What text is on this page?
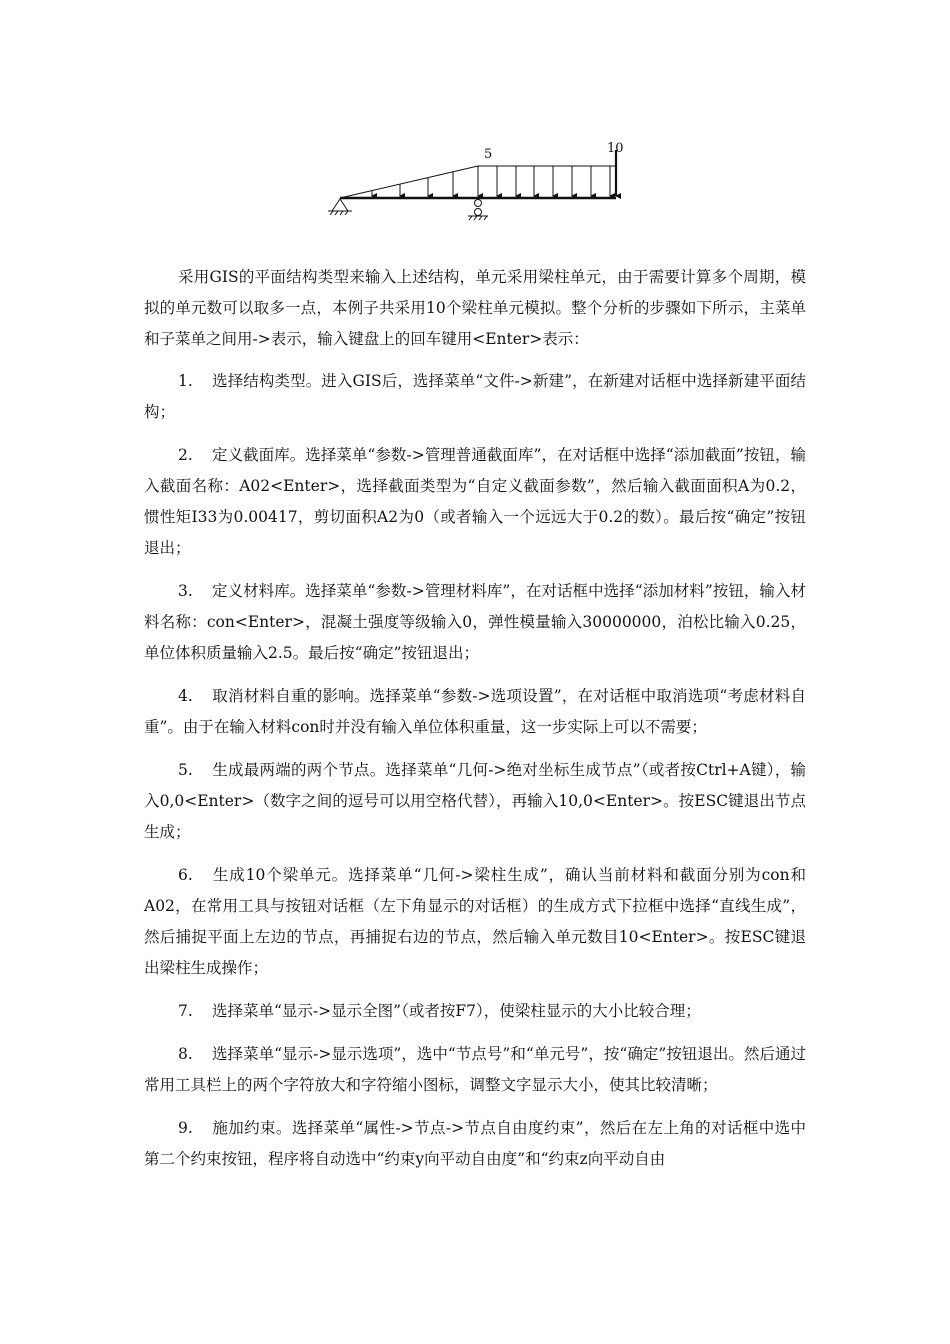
5	10

采用GIS的平面结构类型来输入上述结构，单元采用梁柱单元，由于需要计算多个周期，模拟的单元数可以取多一点，本例子共采用10个梁柱单元模拟。整个分析的步骤如下所示，主菜单和子菜单之间用->表示，输入键盘上的回车键用<Enter>表示：

1. 选择结构类型。进入GIS后，选择菜单“文件->新建”，在新建对话框中选择新建平面结构；

2. 定义截面库。选择菜单“参数->管理普通截面库”，在对话框中选择“添加截面”按钮，输入截面名称：A02<Enter>，选择截面类型为“自定义截面参数”，然后输入截面面积A为0.2，惯性矩I33为0.00417，剪切面积A2为0（或者输入一个远远大于0.2的数）。最后按“确定”按钮退出；

3. 定义材料库。选择菜单“参数->管理材料库”，在对话框中选择“添加材料”按钮，输入材料名称：con<Enter>，混凝土强度等级输入0，弹性模量输入30000000，泊松比输入0.25，单位体积质量输入2.5。最后按“确定”按钮退出；

4. 取消材料自重的影响。选择菜单“参数->选项设置”，在对话框中取消选项“考虑材料自重”。由于在输入材料con时并没有输入单位体积重量，这一步实际上可以不需要；

5. 生成最两端的两个节点。选择菜单“几何->绝对坐标生成节点”（或者按Ctrl+A键），输入0,0<Enter>（数字之间的逗号可以用空格代替），再输入10,0<Enter>。按ESC键退出节点生成；

6. 生成10个梁单元。选择菜单“几何->梁柱生成”，确认当前材料和截面分别为con和A02，在常用工具与按钮对话框（左下角显示的对话框）的生成方式下拉框中选择“直线生成”，然后捕捉平面上左边的节点，再捕捉右边的节点，然后输入单元数目10<Enter>。按ESC键退出梁柱生成操作；

7. 选择菜单“显示->显示全图”（或者按F7），使梁柱显示的大小比较合理；

8. 选择菜单“显示->显示选项”，选中“节点号”和“单元号”，按“确定”按钮退出。然后通过常用工具栏上的两个字符放大和字符缩小图标，调整文字显示大小，使其比较清晰；

9. 施加约束。选择菜单“属性->节点->节点自由度约束”，然后在左上角的对话框中选中第二个约束按钮，程序将自动选中“约束y向平动自由度”和“约束z向平动自由
